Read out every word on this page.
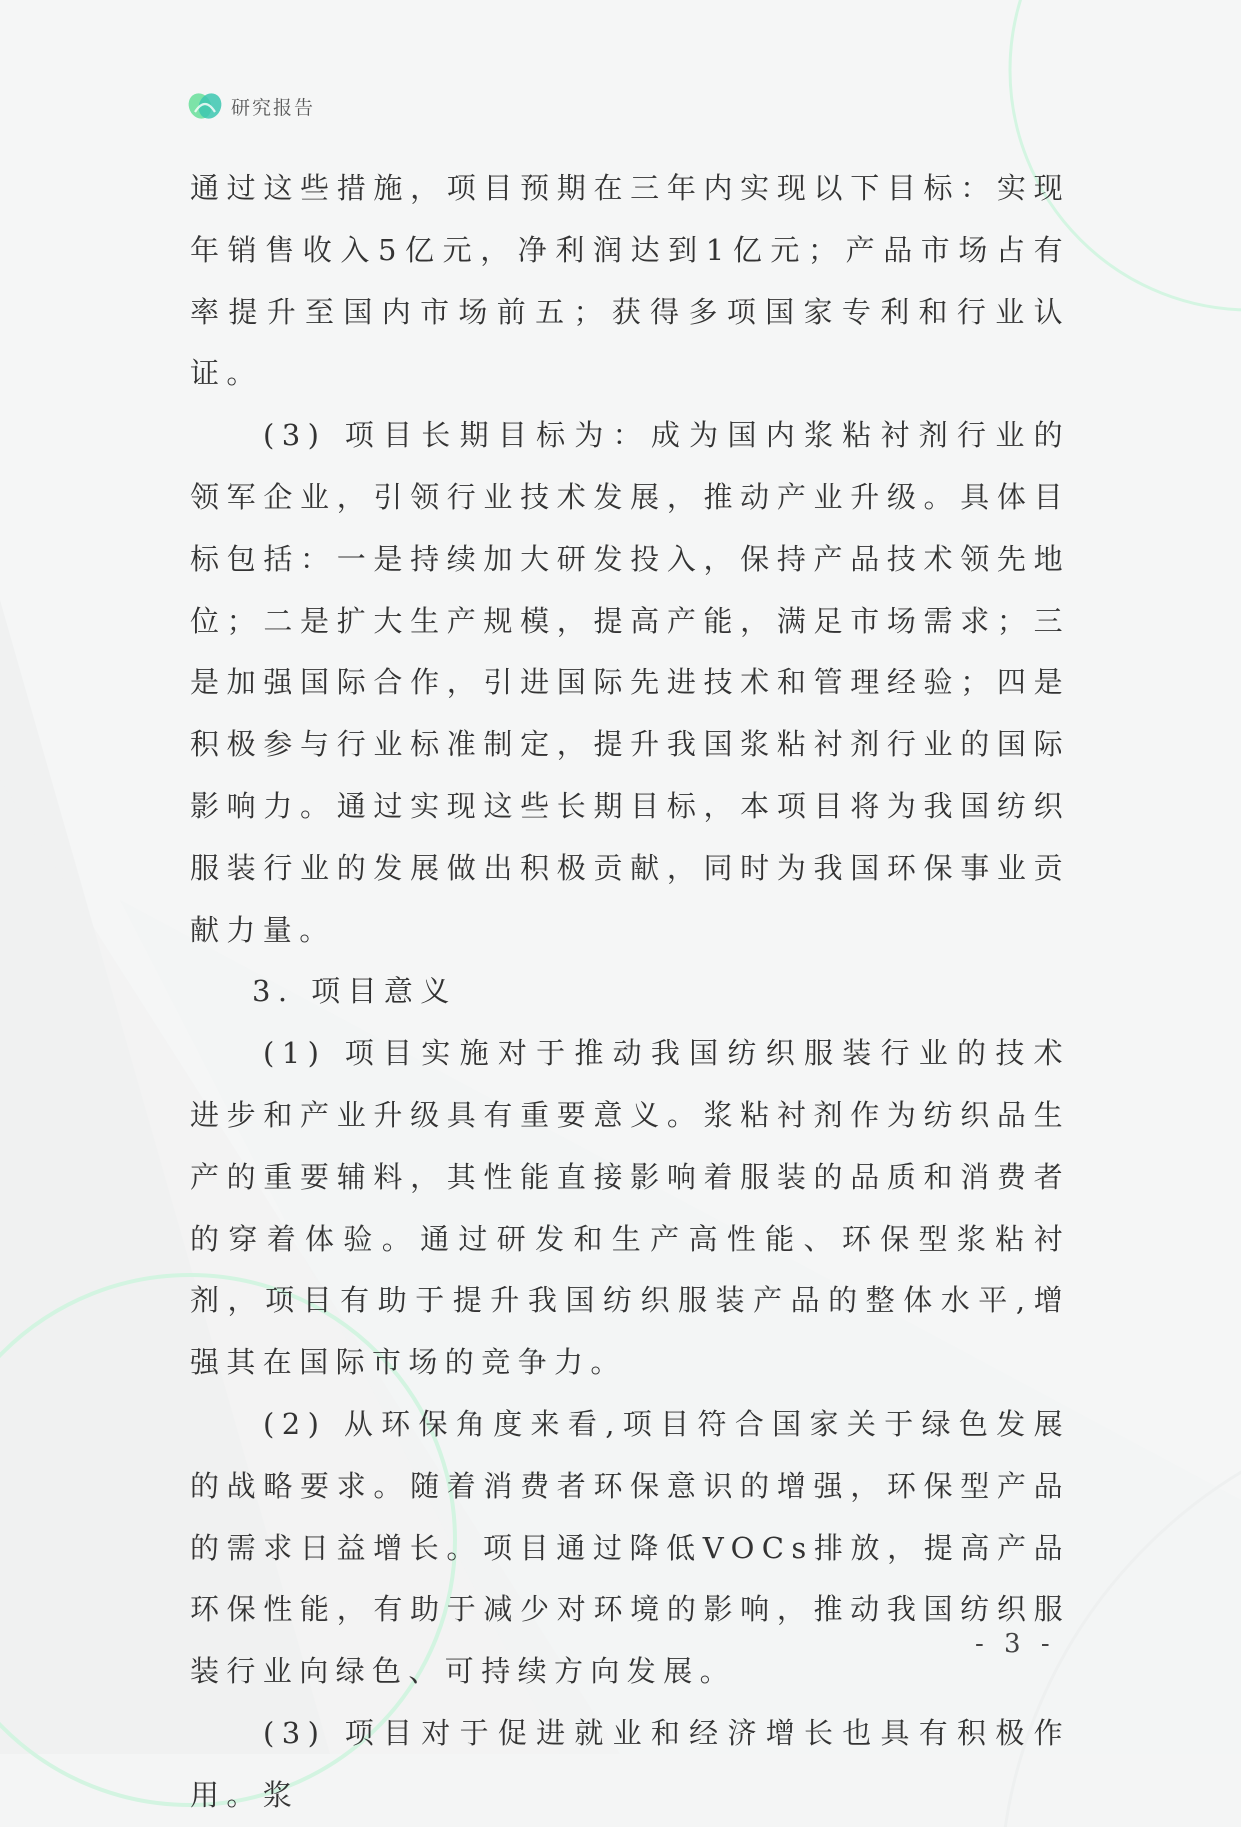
研究报告

通过这些措施，项目预期在三年内实现以下目标：实现年销售收入5亿元，净利润达到1亿元；产品市场占有率提升至国内市场前五；获得多项国家专利和行业认证。

(3) 项目长期目标为：成为国内浆粘衬剂行业的领军企业，引领行业技术发展，推动产业升级。具体目标包括：一是持续加大研发投入，保持产品技术领先地位；二是扩大生产规模，提高产能，满足市场需求；三是加强国际合作，引进国际先进技术和管理经验；四是积极参与行业标准制定，提升我国浆粘衬剂行业的国际影响力。通过实现这些长期目标，本项目将为我国纺织服装行业的发展做出积极贡献，同时为我国环保事业贡献力量。

3. 项目意义

(1) 项目实施对于推动我国纺织服装行业的技术进步和产业升级具有重要意义。浆粘衬剂作为纺织品生产的重要辅料，其性能直接影响着服装的品质和消费者的穿着体验。通过研发和生产高性能、环保型浆粘衬剂，项目有助于提升我国纺织服装产品的整体水平,增强其在国际市场的竞争力。

(2) 从环保角度来看,项目符合国家关于绿色发展的战略要求。随着消费者环保意识的增强，环保型产品的需求日益增长。项目通过降低VOCs排放，提高产品环保性能，有助于减少对环境的影响，推动我国纺织服装行业向绿色、可持续方向发展。

(3) 项目对于促进就业和经济增长也具有积极作用。浆

- 3 -
